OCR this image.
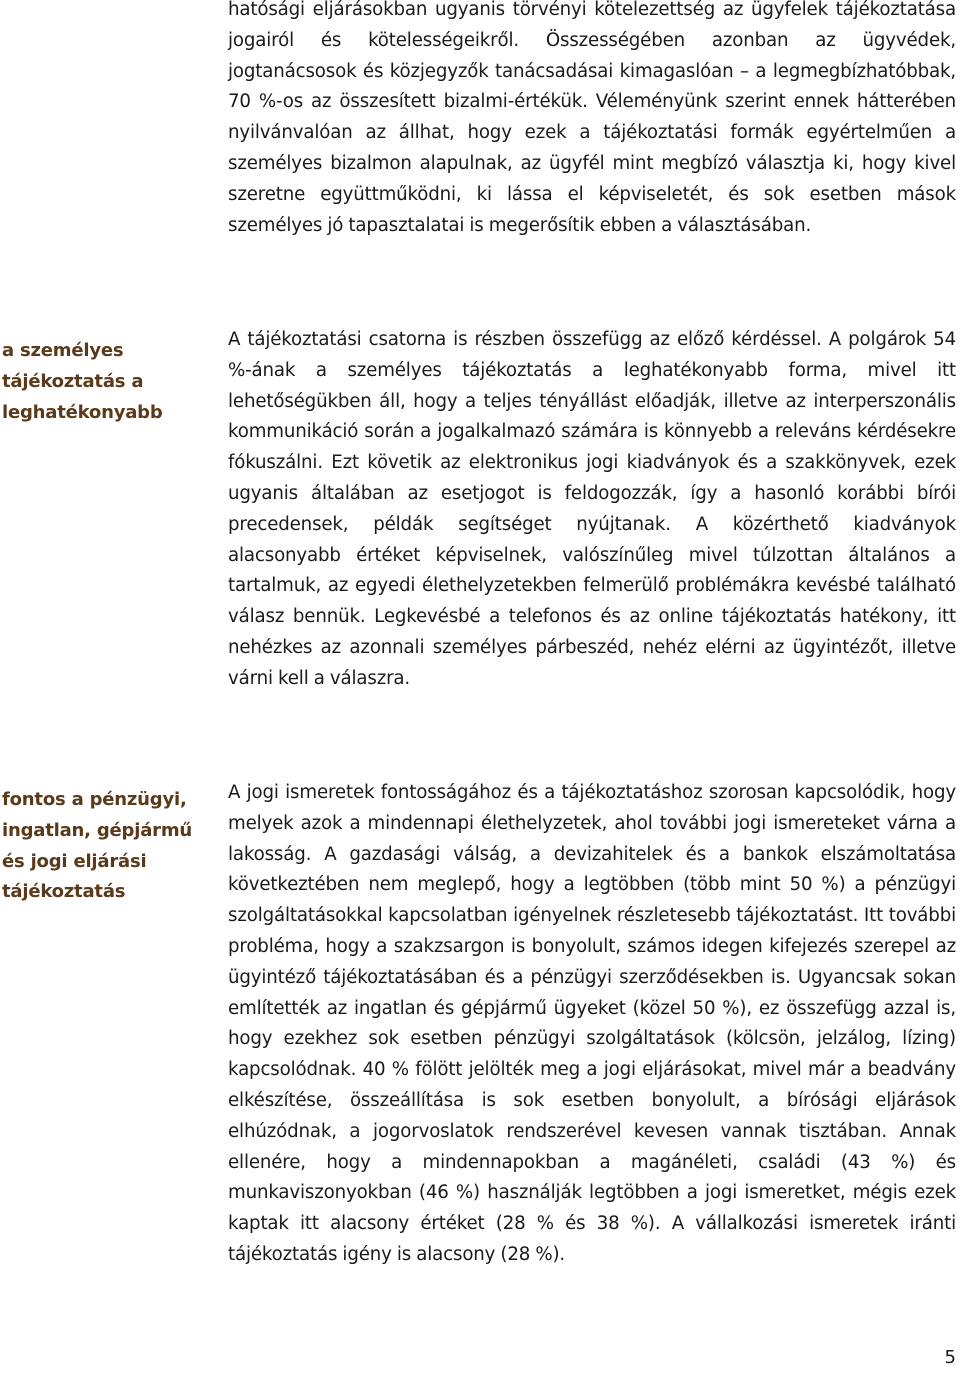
hatósági eljárásokban ugyanis törvényi kötelezettség az ügyfelek tájékoztatása jogairól és kötelességeikről. Összességében azonban az ügyvédek, jogtanácsosok és közjegyzők tanácsadásai kimagaslóan – a legmegbízhatóbbak, 70 %-os az összesített bizalmi-értékük. Véleményünk szerint ennek hátterében nyilvánvalóan az állhat, hogy ezek a tájékoztatási formák egyértelműen a személyes bizalmon alapulnak, az ügyfél mint megbízó választja ki, hogy kivel szeretne együttműködni, ki lássa el képviseletét, és sok esetben mások személyes jó tapasztalatai is megerősítik ebben a választásában.

a személyes tájékoztatás a leghatékonyabb

A tájékoztatási csatorna is részben összefügg az előző kérdéssel. A polgárok 54 %-ának a személyes tájékoztatás a leghatékonyabb forma, mivel itt lehetőségükben áll, hogy a teljes tényállást előadják, illetve az interperszonális kommunikáció során a jogalkalmazó számára is könnyebb a releváns kérdésekre fókuszálni. Ezt követik az elektronikus jogi kiadványok és a szakkönyvek, ezek ugyanis általában az esetjogot is feldogozzák, így a hasonló korábbi bírói precedensek, példák segítséget nyújtanak. A közérthető kiadványok alacsonyabb értéket képviselnek, valószínűleg mivel túlzottan általános a tartalmuk, az egyedi élethelyzetekben felmerülő problémákra kevésbé található válasz bennük. Legkevésbé a telefonos és az online tájékoztatás hatékony, itt nehézkes az azonnali személyes párbeszéd, nehéz elérni az ügyintézőt, illetve várni kell a válaszra.

fontos a pénzügyi, ingatlan, gépjármű és jogi eljárási tájékoztatás

A jogi ismeretek fontosságához és a tájékoztatáshoz szorosan kapcsolódik, hogy melyek azok a mindennapi élethelyzetek, ahol további jogi ismereteket várna a lakosság. A gazdasági válság, a devizahitelek és a bankok elszámoltatása következtében nem meglepő, hogy a legtöbben (több mint 50 %) a pénzügyi szolgáltatásokkal kapcsolatban igényelnek részletesebb tájékoztatást. Itt további probléma, hogy a szakzsargon is bonyolult, számos idegen kifejezés szerepel az ügyintéző tájékoztatásában és a pénzügyi szerződésekben is. Ugyancsak sokan említették az ingatlan és gépjármű ügyeket (közel 50 %), ez összefügg azzal is, hogy ezekhez sok esetben pénzügyi szolgáltatások (kölcsön, jelzálog, lízing) kapcsolódnak. 40 % fölött jelölték meg a jogi eljárásokat, mivel már a beadvány elkészítése, összeállítása is sok esetben bonyolult, a bírósági eljárások elhúzódnak, a jogorvoslatok rendszerével kevesen vannak tisztában. Annak ellenére, hogy a mindennapokban a magánéleti, családi (43 %) és munkaviszonyokban (46 %) használják legtöbben a jogi ismeretket, mégis ezek kaptak itt alacsony értéket (28 % és 38 %). A vállalkozási ismeretek iránti tájékoztatás igény is alacsony (28 %).

5
